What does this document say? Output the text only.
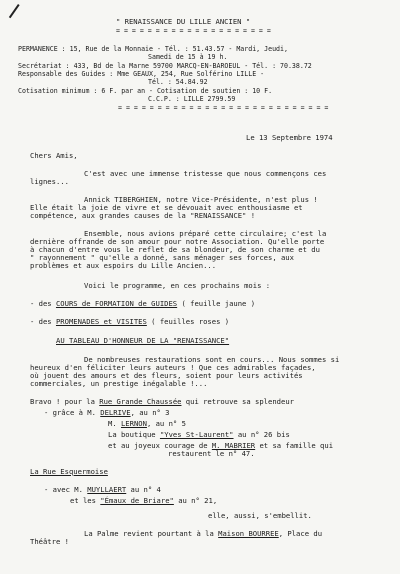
" RENAISSANCE DU LILLE ANCIEN "
= = = = = = = = = = = = = = = = = = = =
PERMANENCE : 15, Rue de la Monnaie - Tél. : 51.43.57 - Mardi, Jeudi,
Samedi de 15 à 19 h.
Secrétariat : 433, Bd de la Marne 59700 MARCQ-EN-BAROEUL - Tél. : 70.38.72
Responsable des Guides : Mme GEAUX, 254, Rue Solférino LILLE -
Tél. : 54.84.92
Cotisation minimum : 6 F. par an - Cotisation de soutien : 10 F.
C.C.P. : LILLE 2799.59
= = = = = = = = = = = = = = = = = = = = = = = = = = =
Le 13 Septembre 1974
Chers Amis,
C'est avec une immense tristesse que nous commençons ces
lignes...
Annick TIBERGHIEN, notre Vice-Présidente, n'est plus !
Elle était la joie de vivre et se dévouait avec enthousiasme et
compétence, aux grandes causes de la "RENAISSANCE" !
Ensemble, nous avions préparé cette circulaire; c'est la
dernière offrande de son amour pour notre Association. Qu'elle porte
à chacun d'entre vous le reflet de sa blondeur, de son charme et du
" rayonnement " qu'elle a donné, sans ménager ses forces, aux
problèmes et aux espoirs du Lille Ancien...
Voici le programme, en ces prochains mois :
- des COURS de FORMATION de GUIDES ( feuille jaune )
- des PROMENADES et VISITES ( feuilles roses )
AU TABLEAU D'HONNEUR DE LA "RENAISSANCE"
De nombreuses restaurations sont en cours... Nous sommes si
heureux d'en féliciter leurs auteurs ! Que ces admirables façades,
où jouent des amours et des fleurs, soient pour leurs activités
commerciales, un prestige inégalable !...
Bravo ! pour la Rue Grande Chaussée qui retrouve sa splendeur
- grâce à M. DELRIVE, au n° 3
M. LERNON, au n° 5
La boutique "Yves St-Laurent" au n° 26 bis
et au joyeux courage de M. MABRIER et sa famille qui
restaurent le n° 47.
La Rue Esquermoise
- avec M. MUYLLAERT au n° 4
et les "Émaux de Briare" au n° 21,
elle, aussi, s'embellit.
La Palme revient pourtant à la Maison BOURREE, Place du
Théâtre !
